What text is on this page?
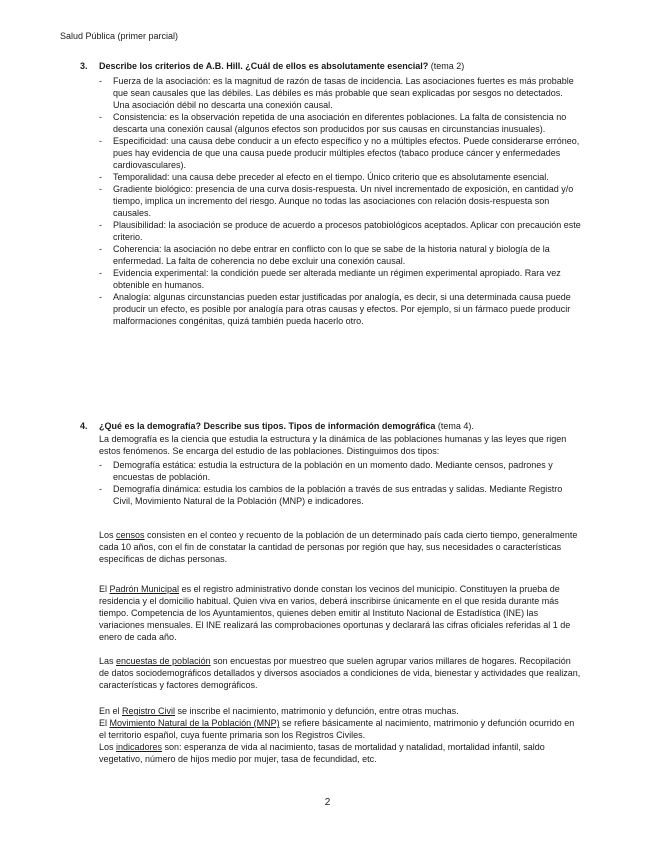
Salud Pública (primer parcial)
3. Describe los criterios de A.B. Hill. ¿Cuál de ellos es absolutamente esencial? (tema 2)
- Fuerza de la asociación: es la magnitud de razón de tasas de incidencia. Las asociaciones fuertes es más probable que sean causales que las débiles. Las débiles es más probable que sean explicadas por sesgos no detectados. Una asociación débil no descarta una conexión causal.
- Consistencia: es la observación repetida de una asociación en diferentes poblaciones. La falta de consistencia no descarta una conexión causal (algunos efectos son producidos por sus causas en circunstancias inusuales).
- Especificidad: una causa debe conducir a un efecto específico y no a múltiples efectos. Puede considerarse erróneo, pues hay evidencia de que una causa puede producir múltiples efectos (tabaco produce cáncer y enfermedades cardiovasculares).
- Temporalidad: una causa debe preceder al efecto en el tiempo. Único criterio que es absolutamente esencial.
- Gradiente biológico: presencia de una curva dosis-respuesta. Un nivel incrementado de exposición, en cantidad y/o tiempo, implica un incremento del riesgo. Aunque no todas las asociaciones con relación dosis-respuesta son causales.
- Plausibilidad: la asociación se produce de acuerdo a procesos patobiológicos aceptados. Aplicar con precaución este criterio.
- Coherencia: la asociación no debe entrar en conflicto con lo que se sabe de la historia natural y biología de la enfermedad. La falta de coherencia no debe excluir una conexión causal.
- Evidencia experimental: la condición puede ser alterada mediante un régimen experimental apropiado. Rara vez obtenible en humanos.
- Analogía: algunas circunstancias pueden estar justificadas por analogía, es decir, si una determinada causa puede producir un efecto, es posible por analogía para otras causas y efectos. Por ejemplo, si un fármaco puede producir malformaciones congénitas, quizá también pueda hacerlo otro.
4. ¿Qué es la demografía? Describe sus tipos. Tipos de información demográfica (tema 4).

La demografía es la ciencia que estudia la estructura y la dinámica de las poblaciones humanas y las leyes que rigen estos fenómenos. Se encarga del estudio de las poblaciones. Distinguimos dos tipos:

- Demografía estática: estudia la estructura de la población en un momento dado. Mediante censos, padrones y encuestas de población.
- Demografía dinámica: estudia los cambios de la población a través de sus entradas y salidas. Mediante Registro Civil, Movimiento Natural de la Población (MNP) e indicadores.

Los censos consisten en el conteo y recuento de la población de un determinado país cada cierto tiempo, generalmente cada 10 años, con el fin de constatar la cantidad de personas por región que hay, sus necesidades o características específicas de dichas personas.

El Padrón Municipal es el registro administrativo donde constan los vecinos del municipio. Constituyen la prueba de residencia y el domicilio habitual. Quien viva en varios, deberá inscribirse únicamente en el que resida durante más tiempo. Competencia de los Ayuntamientos, quienes deben emitir al Instituto Nacional de Estadística (INE) las variaciones mensuales. El INE realizará las comprobaciones oportunas y declarará las cifras oficiales referidas al 1 de enero de cada año.

Las encuestas de población son encuestas por muestreo que suelen agrupar varios millares de hogares. Recopilación de datos sociodemográficos detallados y diversos asociados a condiciones de vida, bienestar y actividades que realizan, características y factores demográficos.

En el Registro Civil se inscribe el nacimiento, matrimonio y defunción, entre otras muchas.

El Movimiento Natural de la Población (MNP) se refiere básicamente al nacimiento, matrimonio y defunción ocurrido en el territorio español, cuya fuente primaria son los Registros Civiles.

Los indicadores son: esperanza de vida al nacimiento, tasas de mortalidad y natalidad, mortalidad infantil, saldo vegetativo, número de hijos medio por mujer, tasa de fecundidad, etc.

2
